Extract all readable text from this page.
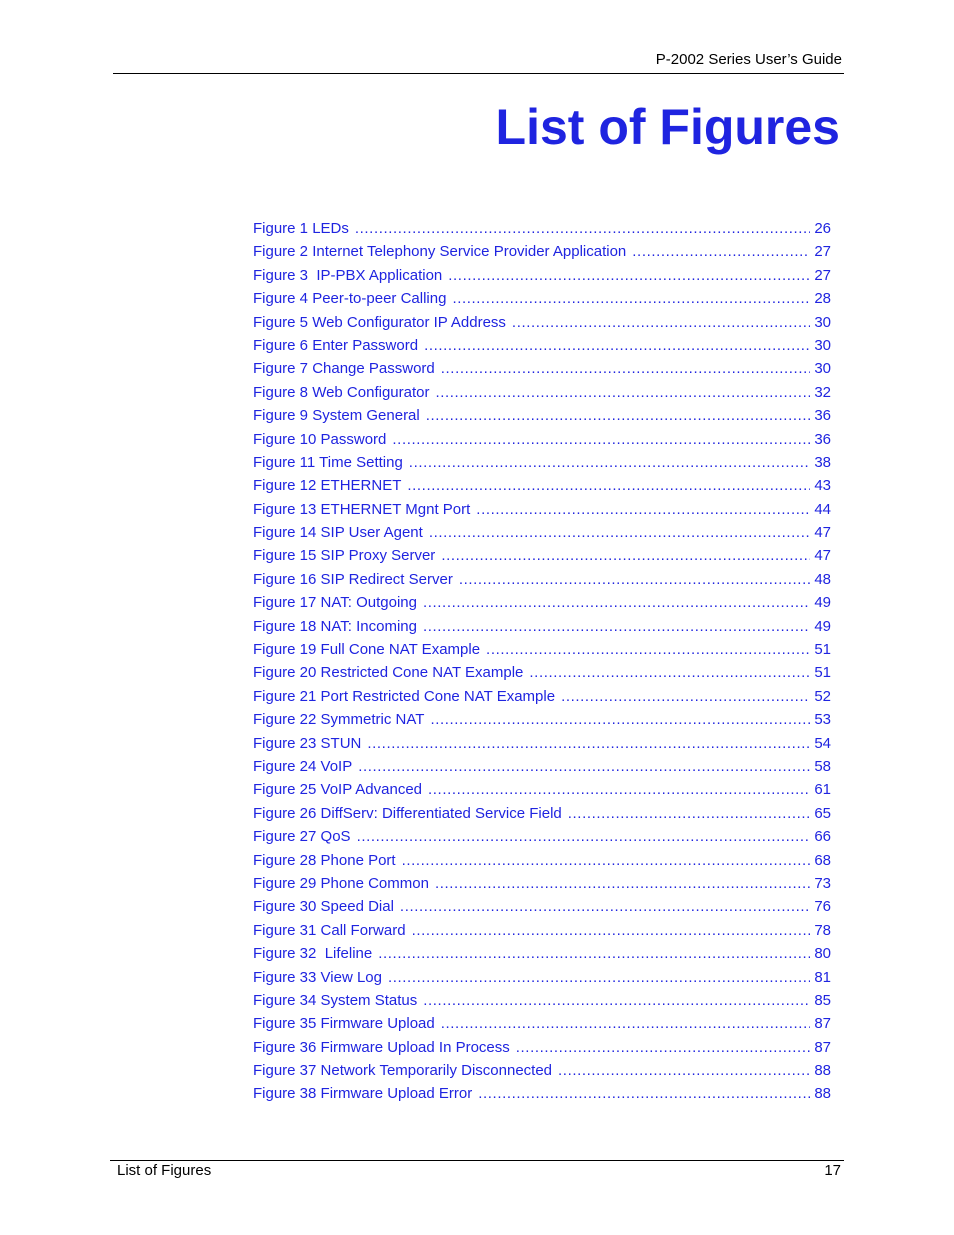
P-2002 Series User’s Guide
List of Figures
Figure 1 LEDs .....	26
Figure 2 Internet Telephony Service Provider Application .....	27
Figure 3  IP-PBX Application .....	27
Figure 4 Peer-to-peer Calling .....	28
Figure 5 Web Configurator IP Address .....	30
Figure 6 Enter Password .....	30
Figure 7 Change Password .....	30
Figure 8 Web Configurator .....	32
Figure 9 System General .....	36
Figure 10 Password .....	36
Figure 11 Time Setting .....	38
Figure 12 ETHERNET .....	43
Figure 13 ETHERNET Mgnt Port .....	44
Figure 14 SIP User Agent .....	47
Figure 15 SIP Proxy Server .....	47
Figure 16 SIP Redirect Server .....	48
Figure 17 NAT: Outgoing .....	49
Figure 18 NAT: Incoming .....	49
Figure 19 Full Cone NAT Example .....	51
Figure 20 Restricted Cone NAT Example .....	51
Figure 21 Port Restricted Cone NAT Example .....	52
Figure 22 Symmetric NAT .....	53
Figure 23 STUN .....	54
Figure 24 VoIP .....	58
Figure 25 VoIP Advanced .....	61
Figure 26 DiffServ: Differentiated Service Field .....	65
Figure 27 QoS .....	66
Figure 28 Phone Port .....	68
Figure 29 Phone Common .....	73
Figure 30 Speed Dial .....	76
Figure 31 Call Forward .....	78
Figure 32  Lifeline .....	80
Figure 33 View Log .....	81
Figure 34 System Status .....	85
Figure 35 Firmware Upload .....	87
Figure 36 Firmware Upload In Process .....	87
Figure 37 Network Temporarily Disconnected .....	88
Figure 38 Firmware Upload Error .....	88
List of Figures	17
